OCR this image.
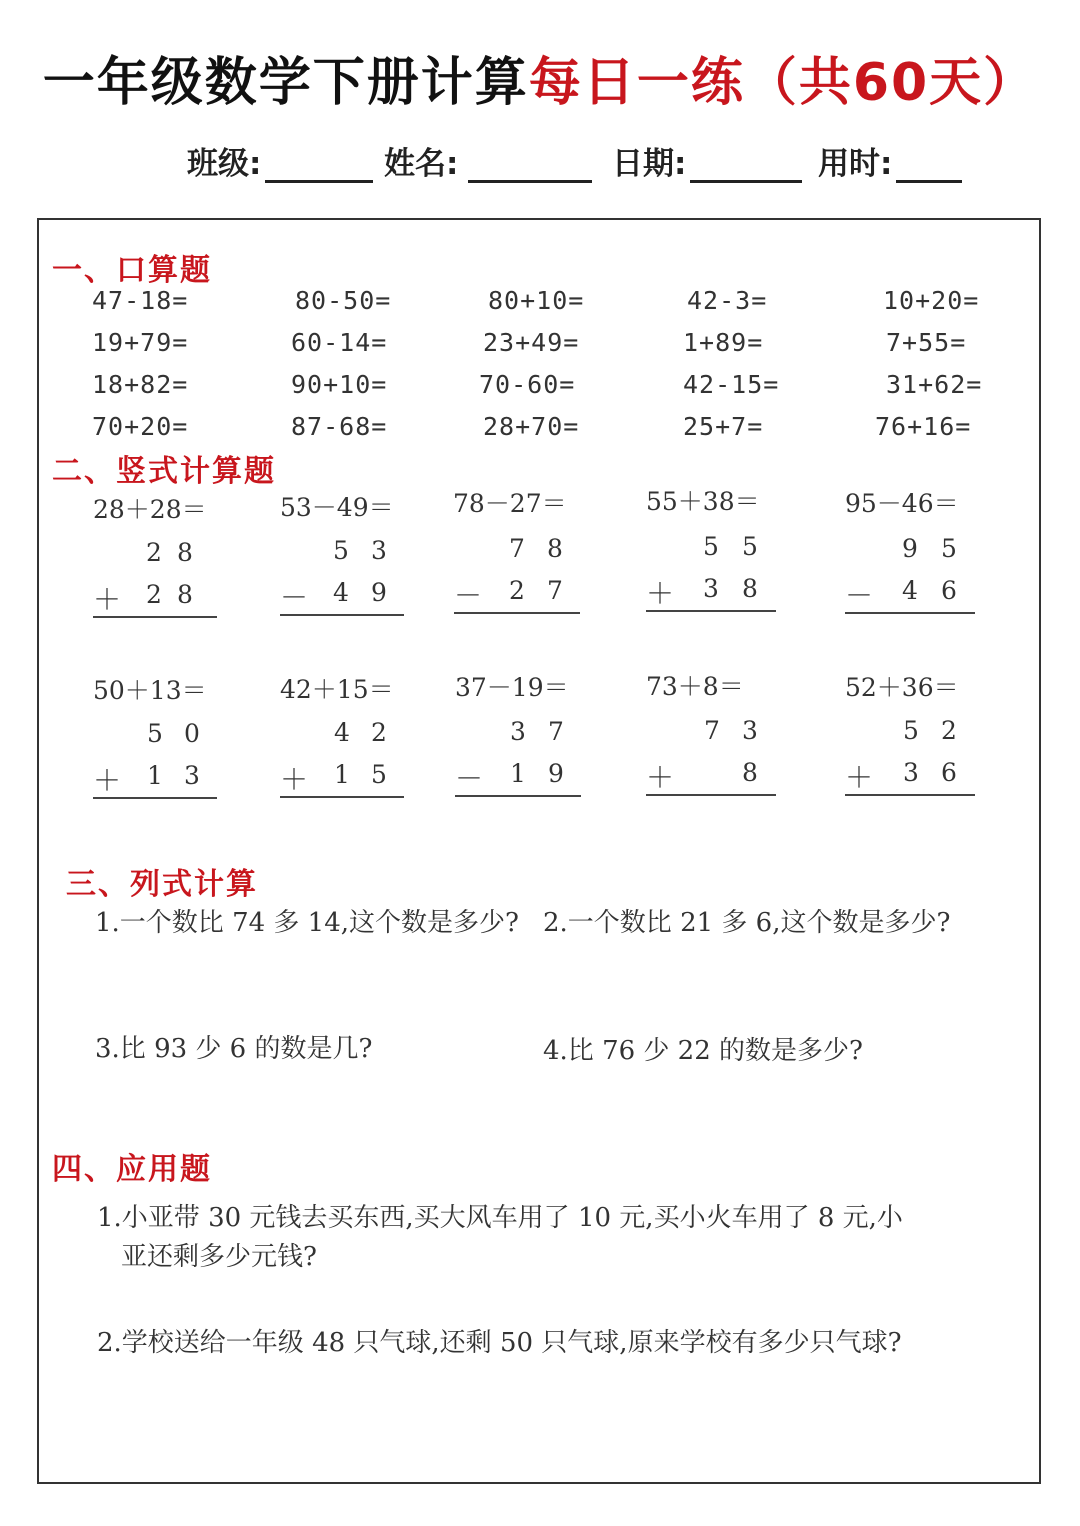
一年级数学下册计算每日一练（共60天）
班级:	姓名:	日期:	用时:
一、口算题
47-18=	80-50=	80+10=	42-3=	10+20=
19+79=	60-14=	23+49=	1+89=	7+55=
18+82=	90+10=	70-60=	42-15=	31+62=
70+20=	87-68=	28+70=	25+7=	76+16=
二、竖式计算题
28＋28＝	53－49＝ 78－27＝	55＋38＝	95－46＝
2 8
＋ 2 8
5 3
－ 4 9
7 8
－ 2 7
5 5
＋ 3 8
9 5
－ 4 6
50＋13＝	42＋15＝ 37－19＝	73＋8＝	52＋36＝
5 0
＋ 1 3
4 2
＋ 1 5
3 7
－ 1 9
7 3
＋	8
5 2
＋ 3 6
三、列式计算
1.一个数比 74 多 14,这个数是多少? 2.一个数比 21 多 6,这个数是多少?
3.比 93 少 6 的数是几?	4.比 76 少 22 的数是多少?
四、应用题
1.小亚带 30 元钱去买东西,买大风车用了 10 元,买小火车用了 8 元,小
亚还剩多少元钱?
2.学校送给一年级 48 只气球,还剩 50 只气球,原来学校有多少只气球?
